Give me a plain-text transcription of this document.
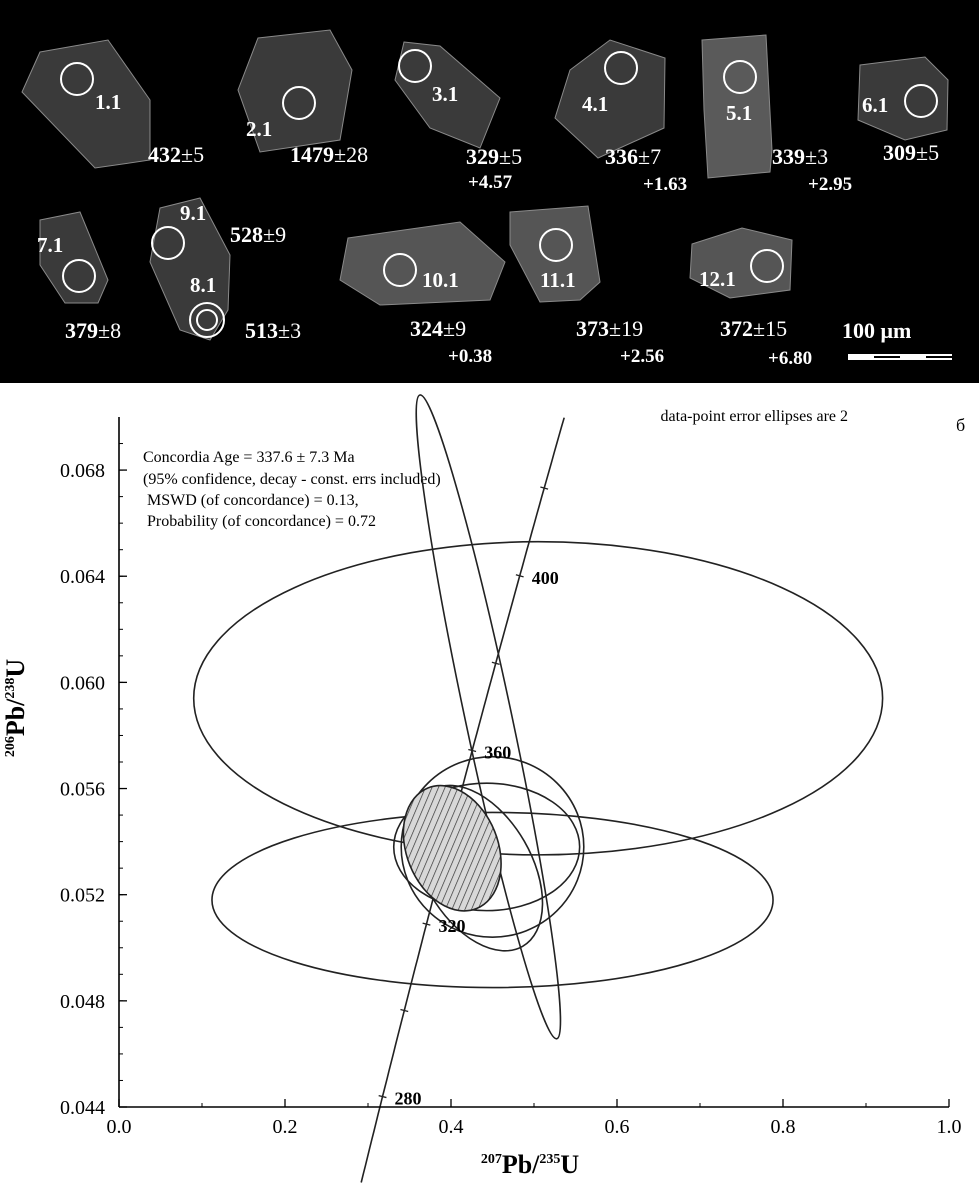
1.1
2.1
3.1	4.1	5.1	6.1
7.1
8.1
9.1
10.1	11.1	12.1
432±5	1479±28	329±5	336±7	339±3 309±5
379±8	513±3
528±9
324±9	373±19	372±15
+4.57	+1.63	+2.95
+0.38	+2.56	+6.80
100 μm
a
data-point error ellipses are 2	б
Concordia Age = 337.6 ± 7.3 Ma
(95% confidence, decay - const. errs included)
MSWD (of concordance) = 0.13,
Probability (of concordance) = 0.72
280
320
360
400
0.0	0.2	0.4	0.6	0.8	1.0
0.044
0.048
0.052
0.056
0.060
0.064
0.068
$^{207}$Pb/$^{235}$U
$^{206}$Pb/$^{238}$U
